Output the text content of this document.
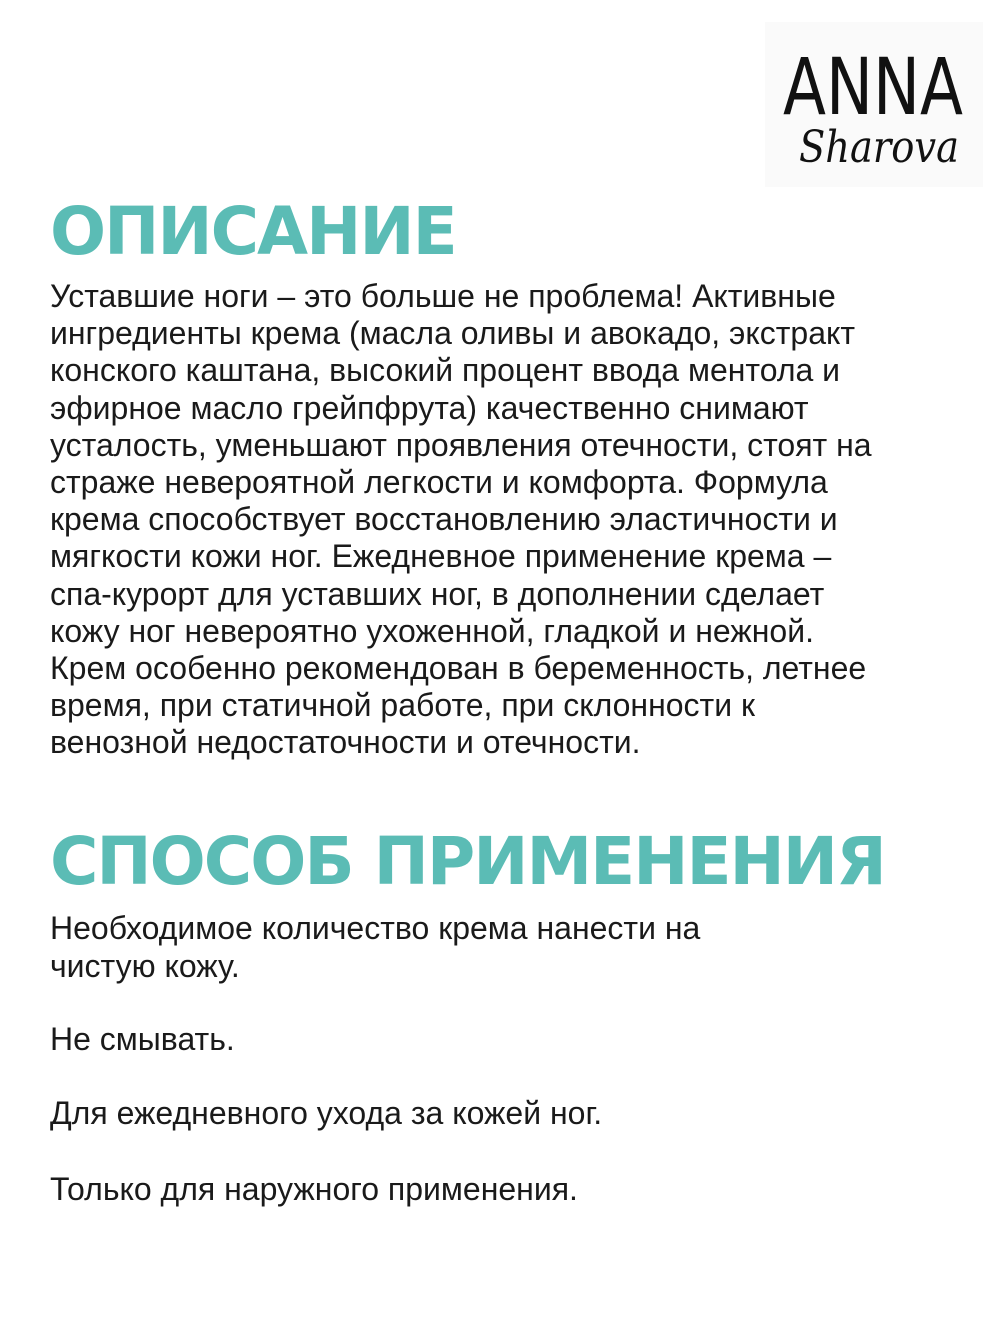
ANNA
Sharova
ОПИСАНИЕ
Уставшие ноги – это больше не проблема! Активные
ингредиенты крема (масла оливы и авокадо, экстракт
конского каштана, высокий процент ввода ментола и
эфирное масло грейпфрута) качественно снимают
усталость, уменьшают проявления отечности, стоят на
страже невероятной легкости и комфорта. Формула
крема способствует восстановлению эластичности и
мягкости кожи ног. Ежедневное применение крема –
спа-курорт для уставших ног, в дополнении сделает
кожу ног невероятно ухоженной, гладкой и нежной.
Крем особенно рекомендован в беременность, летнее
время, при статичной работе, при склонности к
венозной недостаточности и отечности.
СПОСОБ ПРИМЕНЕНИЯ
Необходимое количество крема нанести на
чистую кожу.

Не смывать.

Для ежедневного ухода за кожей ног.

Только для наружного применения.
